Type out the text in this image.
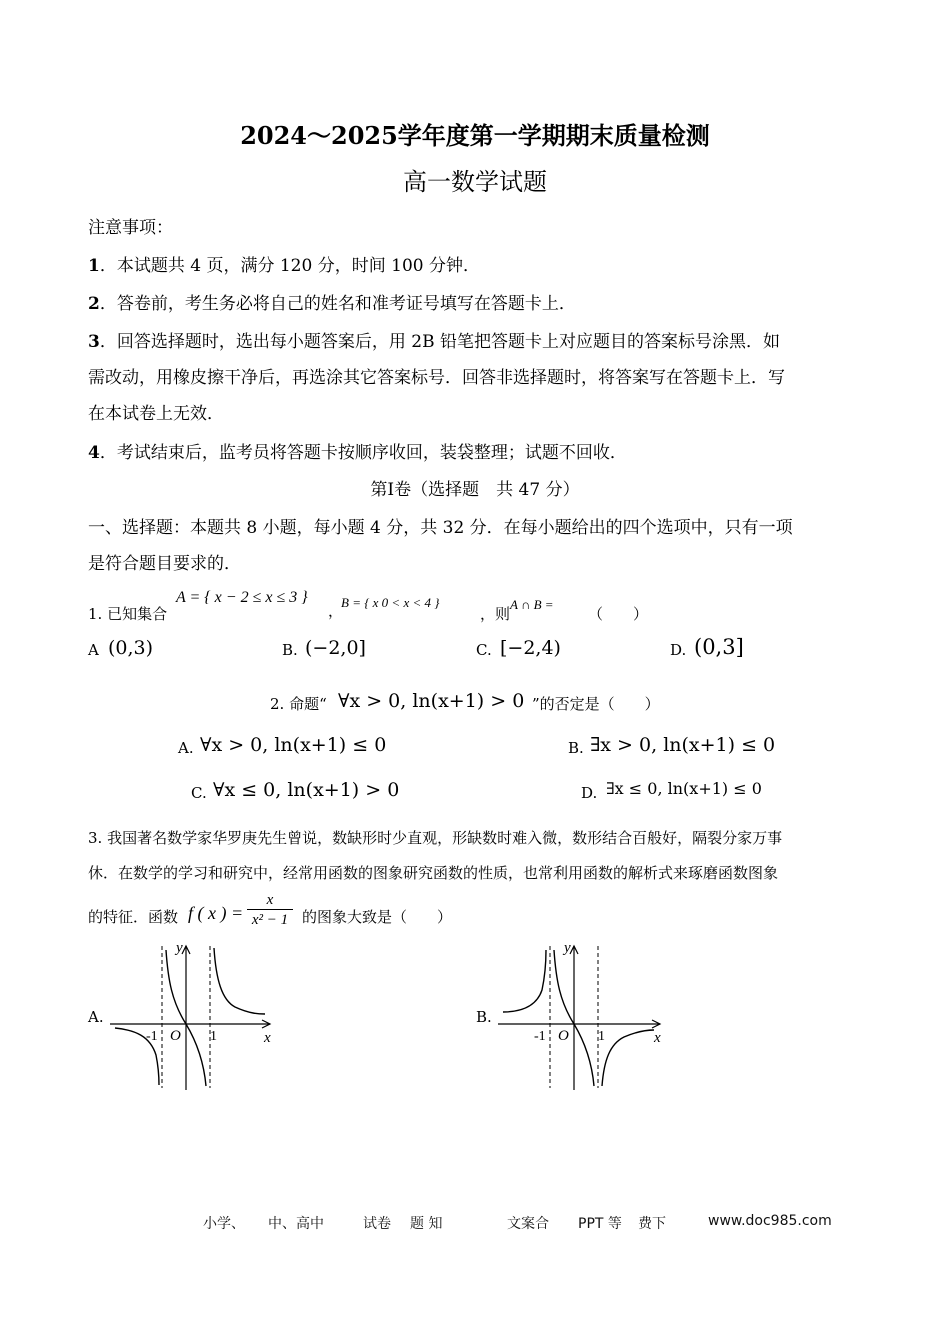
2024～2025学年度第一学期期末质量检测
高一数学试题
注意事项：
1．本试题共 4 页，满分 120 分，时间 100 分钟．
2．答卷前，考生务必将自己的姓名和准考证号填写在答题卡上．
3．回答选择题时，选出每小题答案后，用 2B 铅笔把答题卡上对应题目的答案标号涂黑．如
需改动，用橡皮擦干净后，再选涂其它答案标号．回答非选择题时，将答案写在答题卡上．写
在本试卷上无效．
4．考试结束后，监考员将答题卡按顺序收回，装袋整理；试题不回收．
第Ⅰ卷（选择题　共 47 分）
一、选择题：本题共 8 小题，每小题 4 分，共 32 分．在每小题给出的四个选项中，只有一项
是符合题目要求的．
1. 已知集合
A = { x − 2 ≤ x ≤ 3 }
，
B = { x 0 < x < 4 }
，则
A ∩ B =
（　　）
A (0,3)	B. (−2,0]	C. [−2,4)	D. (0,3]
2. 命题“ ∀x > 0, ln(x+1) > 0 ”的否定是（　　）
A. ∀x > 0, ln(x+1) ≤ 0	B. ∃x > 0, ln(x+1) ≤ 0
C. ∀x ≤ 0, ln(x+1) > 0	D. ∃x ≤ 0, ln(x+1) ≤ 0
3. 我国著名数学家华罗庚先生曾说，数缺形时少直观，形缺数时难入微，数形结合百般好，隔裂分家万事
休．在数学的学习和研究中，经常用函数的图象研究函数的性质，也常利用函数的解析式来琢磨函数图象
的特征．函数 f ( x ) = $\frac{x}{\text{x² − 1}}$ 的图象大致是（　　）
A.
y
x
-1 O 1
B.
y
x
-1 O 1
小学、 中、高中	试卷 题 知	文案合 PPT 等 费下	www.doc985.com
